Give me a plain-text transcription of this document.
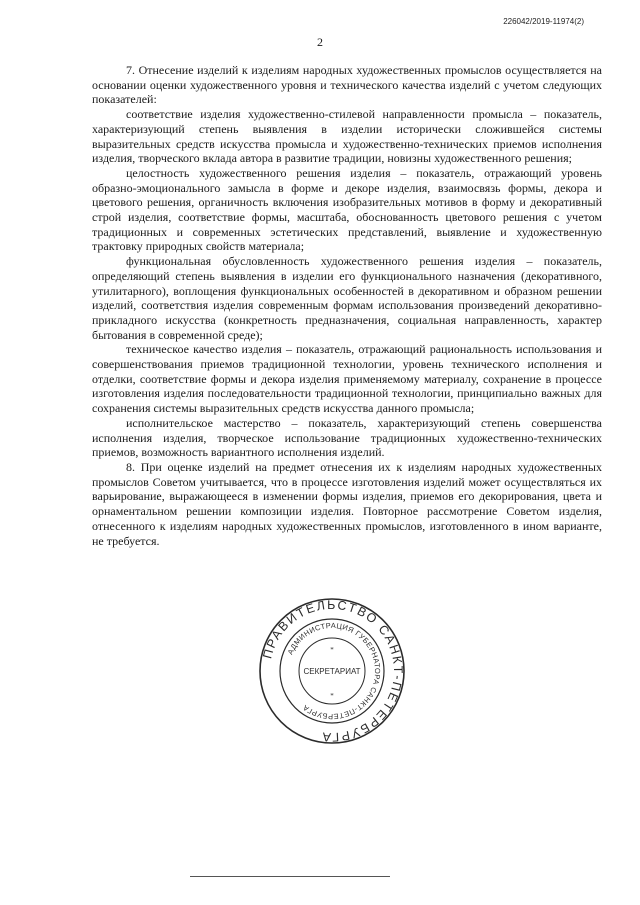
226042/2019-11974(2)
2

7. Отнесение изделий к изделиям народных художественных промыслов осуществляется на основании оценки художественного уровня и технического качества изделий с учетом следующих показателей:

соответствие изделия художественно-стилевой направленности промысла – показатель, характеризующий степень выявления в изделии исторически сложившейся системы выразительных средств искусства промысла и художественно-технических приемов исполнения изделия, творческого вклада автора в развитие традиции, новизны художественного решения;

целостность художественного решения изделия – показатель, отражающий уровень образно-эмоционального замысла в форме и декоре изделия, взаимосвязь формы, декора и цветового решения, органичность включения изобразительных мотивов в форму и декоративный строй изделия, соответствие формы, масштаба, обоснованность цветового решения с учетом традиционных и современных эстетических представлений, выявление и художественную трактовку природных свойств материала;

функциональная обусловленность художественного решения изделия – показатель, определяющий степень выявления в изделии его функционального назначения (декоративного, утилитарного), воплощения функциональных особенностей в декоративном и образном решении изделий, соответствия изделия современным формам использования произведений декоративно-прикладного искусства (конкретность предназначения, социальная направленность, характер бытования в современной среде);

техническое качество изделия – показатель, отражающий рациональность использования и совершенствования приемов традиционной технологии, уровень технического исполнения и отделки, соответствие формы и декора изделия применяемому материалу, сохранение в процессе изготовления изделия последовательности традиционной технологии, принципиально важных для сохранения системы выразительных средств искусства данного промысла;

исполнительское мастерство – показатель, характеризующий степень совершенства исполнения изделия, творческое использование традиционных художественно-технических приемов, возможность вариантного исполнения изделий.

8. При оценке изделий на предмет отнесения их к изделиям народных художественных промыслов Советом учитывается, что в процессе изготовления изделий может осуществляться их варьирование, выражающееся в изменении формы изделия, приемов его декорирования, цвета и орнаментальном решении композиции изделия. Повторное рассмотрение Советом изделия, отнесенного к изделиям народных художественных промыслов, изготовленного в ином варианте, не требуется.

ПРАВИТЕЛЬСТВО САНКТ-ПЕТЕРБУРГА
АДМИНИСТРАЦИЯ ГУБЕРНАТОРА САНКТ-ПЕТЕРБУРГА
СЕКРЕТАРИАТ
*
*
